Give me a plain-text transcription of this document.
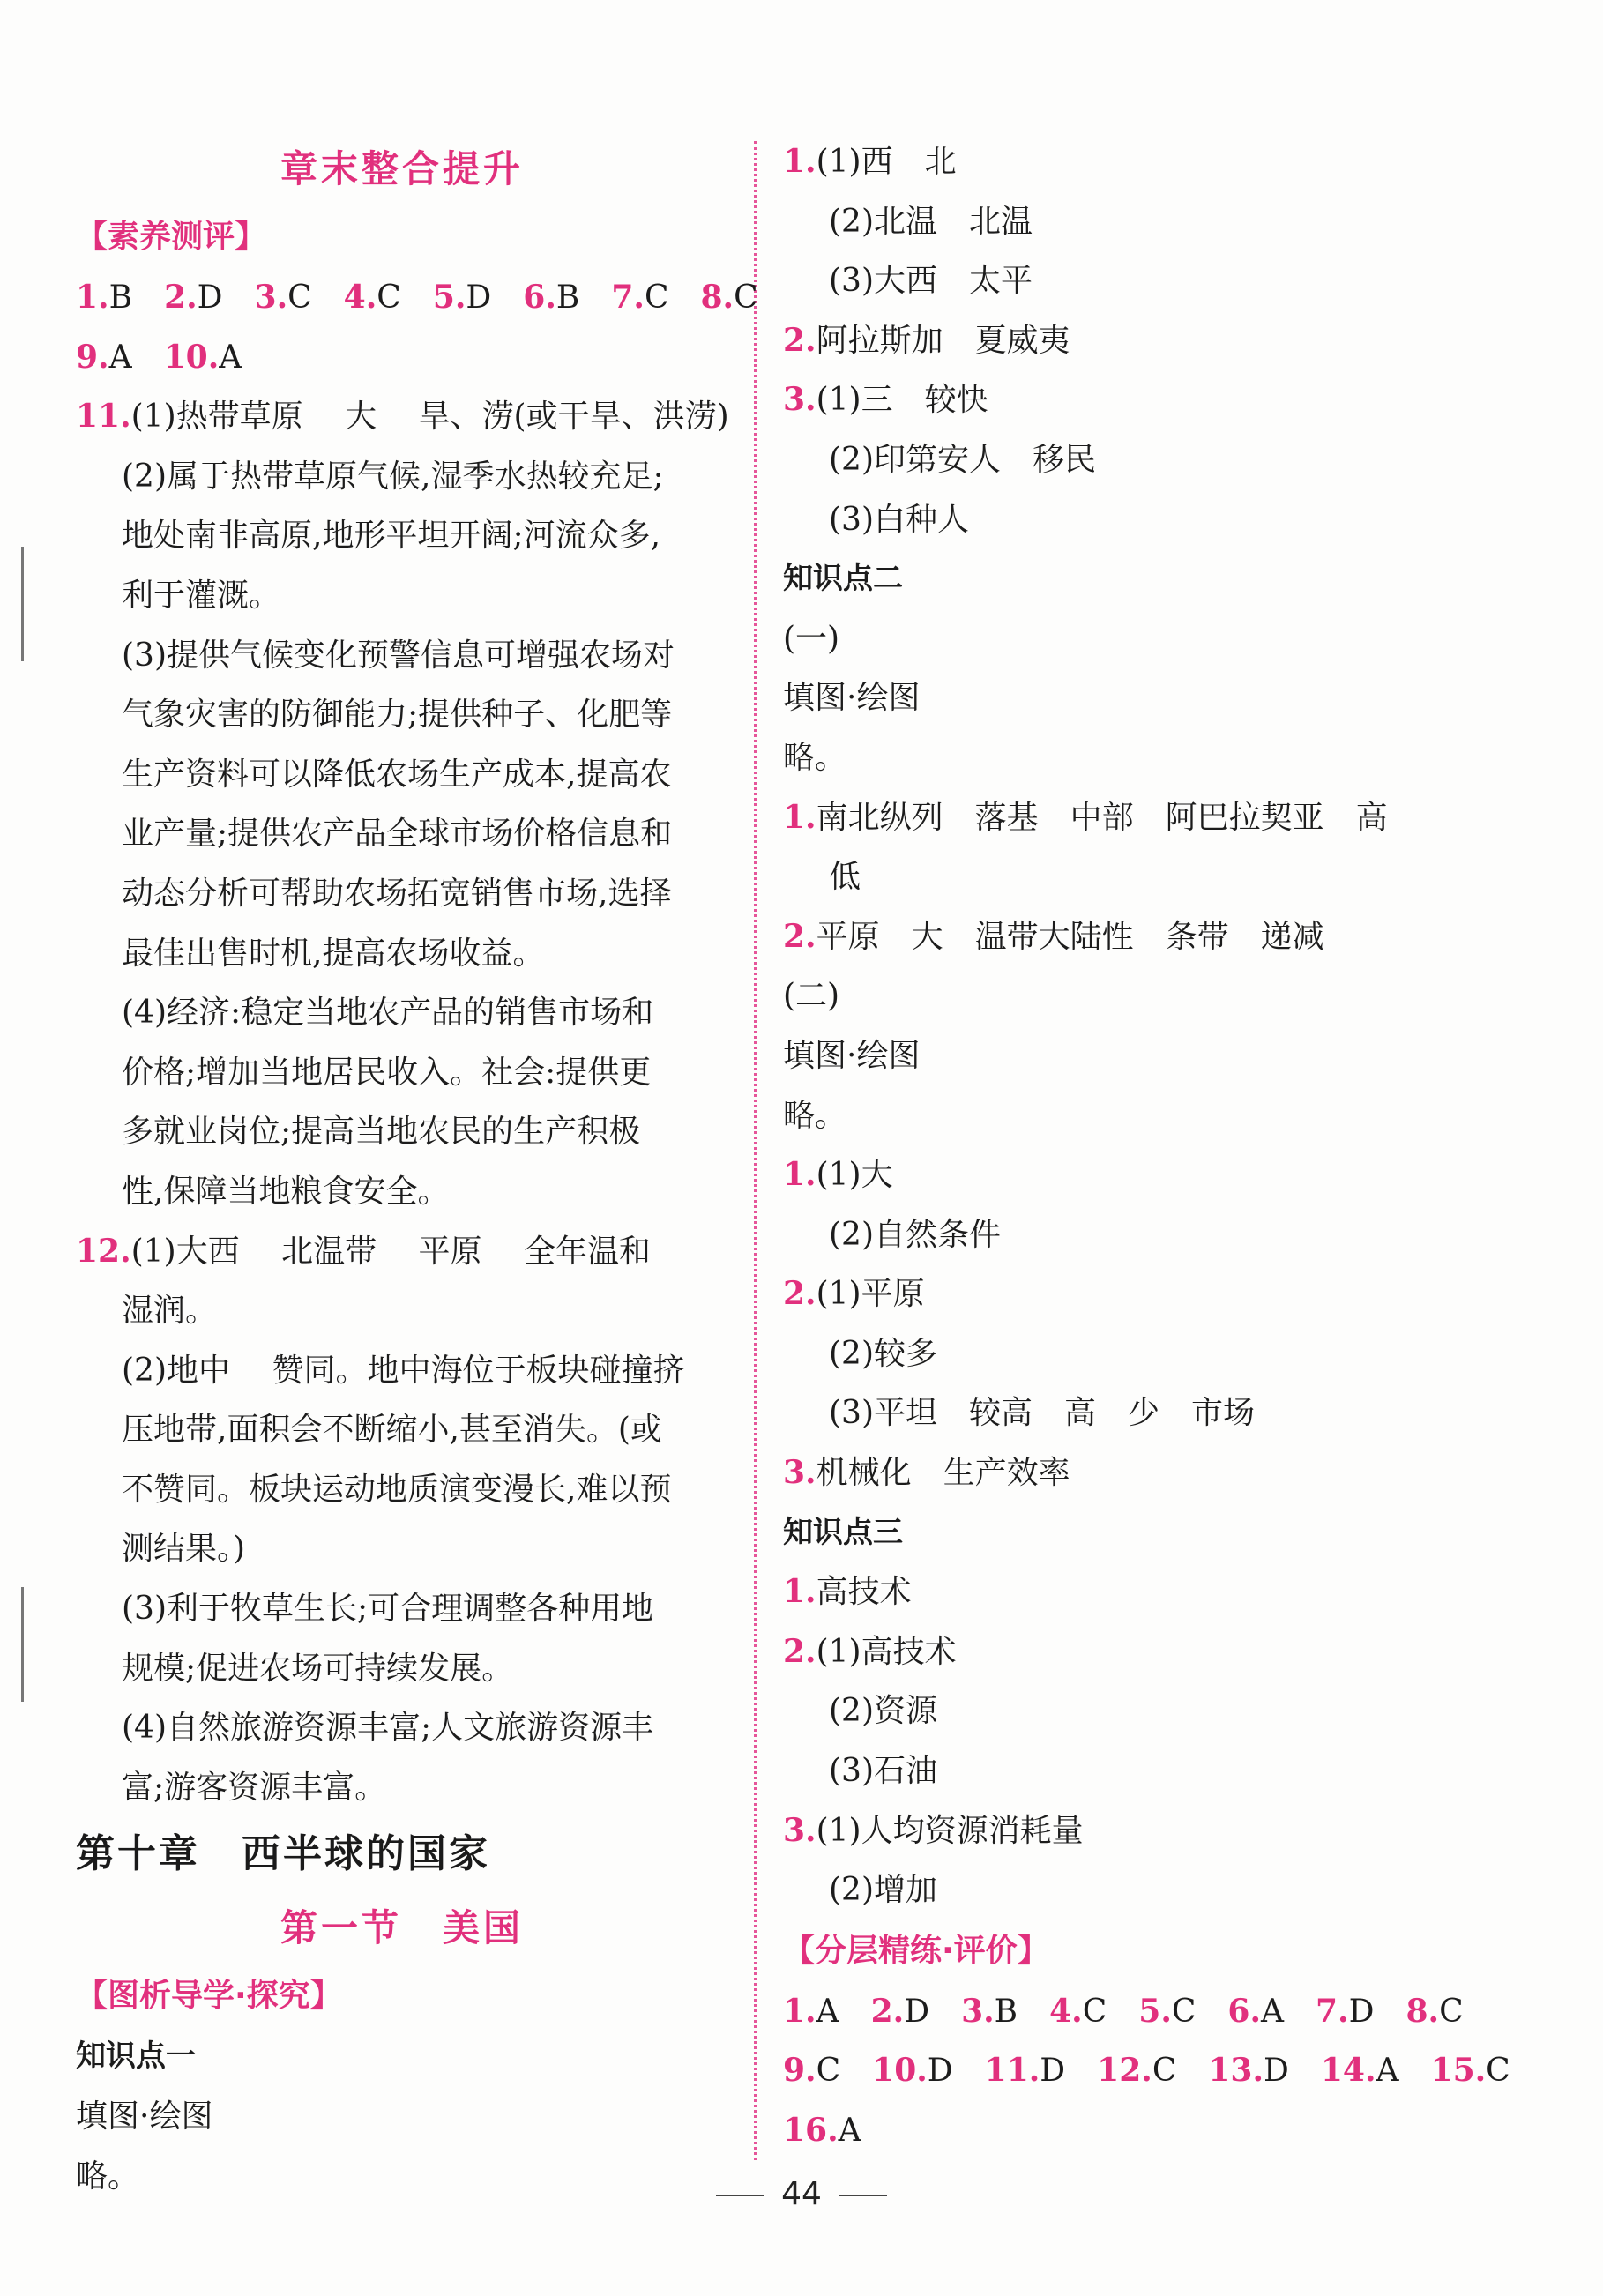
章末整合提升
【素养测评】
1.B 2.D 3.C 4.C 5.D 6.B 7.C 8.C
9.A 10.A
11.(1)热带草原　 大　 旱、涝(或干旱、洪涝)
(2)属于热带草原气候,湿季水热较充足;
地处南非高原,地形平坦开阔;河流众多,
利于灌溉。
(3)提供气候变化预警信息可增强农场对
气象灾害的防御能力;提供种子、化肥等
生产资料可以降低农场生产成本,提高农
业产量;提供农产品全球市场价格信息和
动态分析可帮助农场拓宽销售市场,选择
最佳出售时机,提高农场收益。
(4)经济:稳定当地农产品的销售市场和
价格;增加当地居民收入。社会:提供更
多就业岗位;提高当地农民的生产积极
性,保障当地粮食安全。
12.(1)大西　 北温带　 平原　 全年温和
湿润。
(2)地中　 赞同。地中海位于板块碰撞挤
压地带,面积会不断缩小,甚至消失。(或
不赞同。板块运动地质演变漫长,难以预
测结果。)
(3)利于牧草生长;可合理调整各种用地
规模;促进农场可持续发展。
(4)自然旅游资源丰富;人文旅游资源丰
富;游客资源丰富。
第十章　西半球的国家
第一节　美国
【图析导学·探究】
知识点一
填图·绘图
略。
1.(1)西　北
(2)北温　北温
(3)大西　太平
2.阿拉斯加　夏威夷
3.(1)三　较快
(2)印第安人　移民
(3)白种人
知识点二
(一)
填图·绘图
略。
1.南北纵列　落基　中部　阿巴拉契亚　高
低
2.平原　大　温带大陆性　条带　递减
(二)
填图·绘图
略。
1.(1)大
(2)自然条件
2.(1)平原
(2)较多
(3)平坦　较高　高　少　市场
3.机械化　生产效率
知识点三
1.高技术
2.(1)高技术
(2)资源
(3)石油
3.(1)人均资源消耗量
(2)增加
【分层精练·评价】
1.A 2.D 3.B 4.C 5.C 6.A 7.D 8.C
9.C 10.D 11.D 12.C 13.D 14.A 15.C
16.A
44
